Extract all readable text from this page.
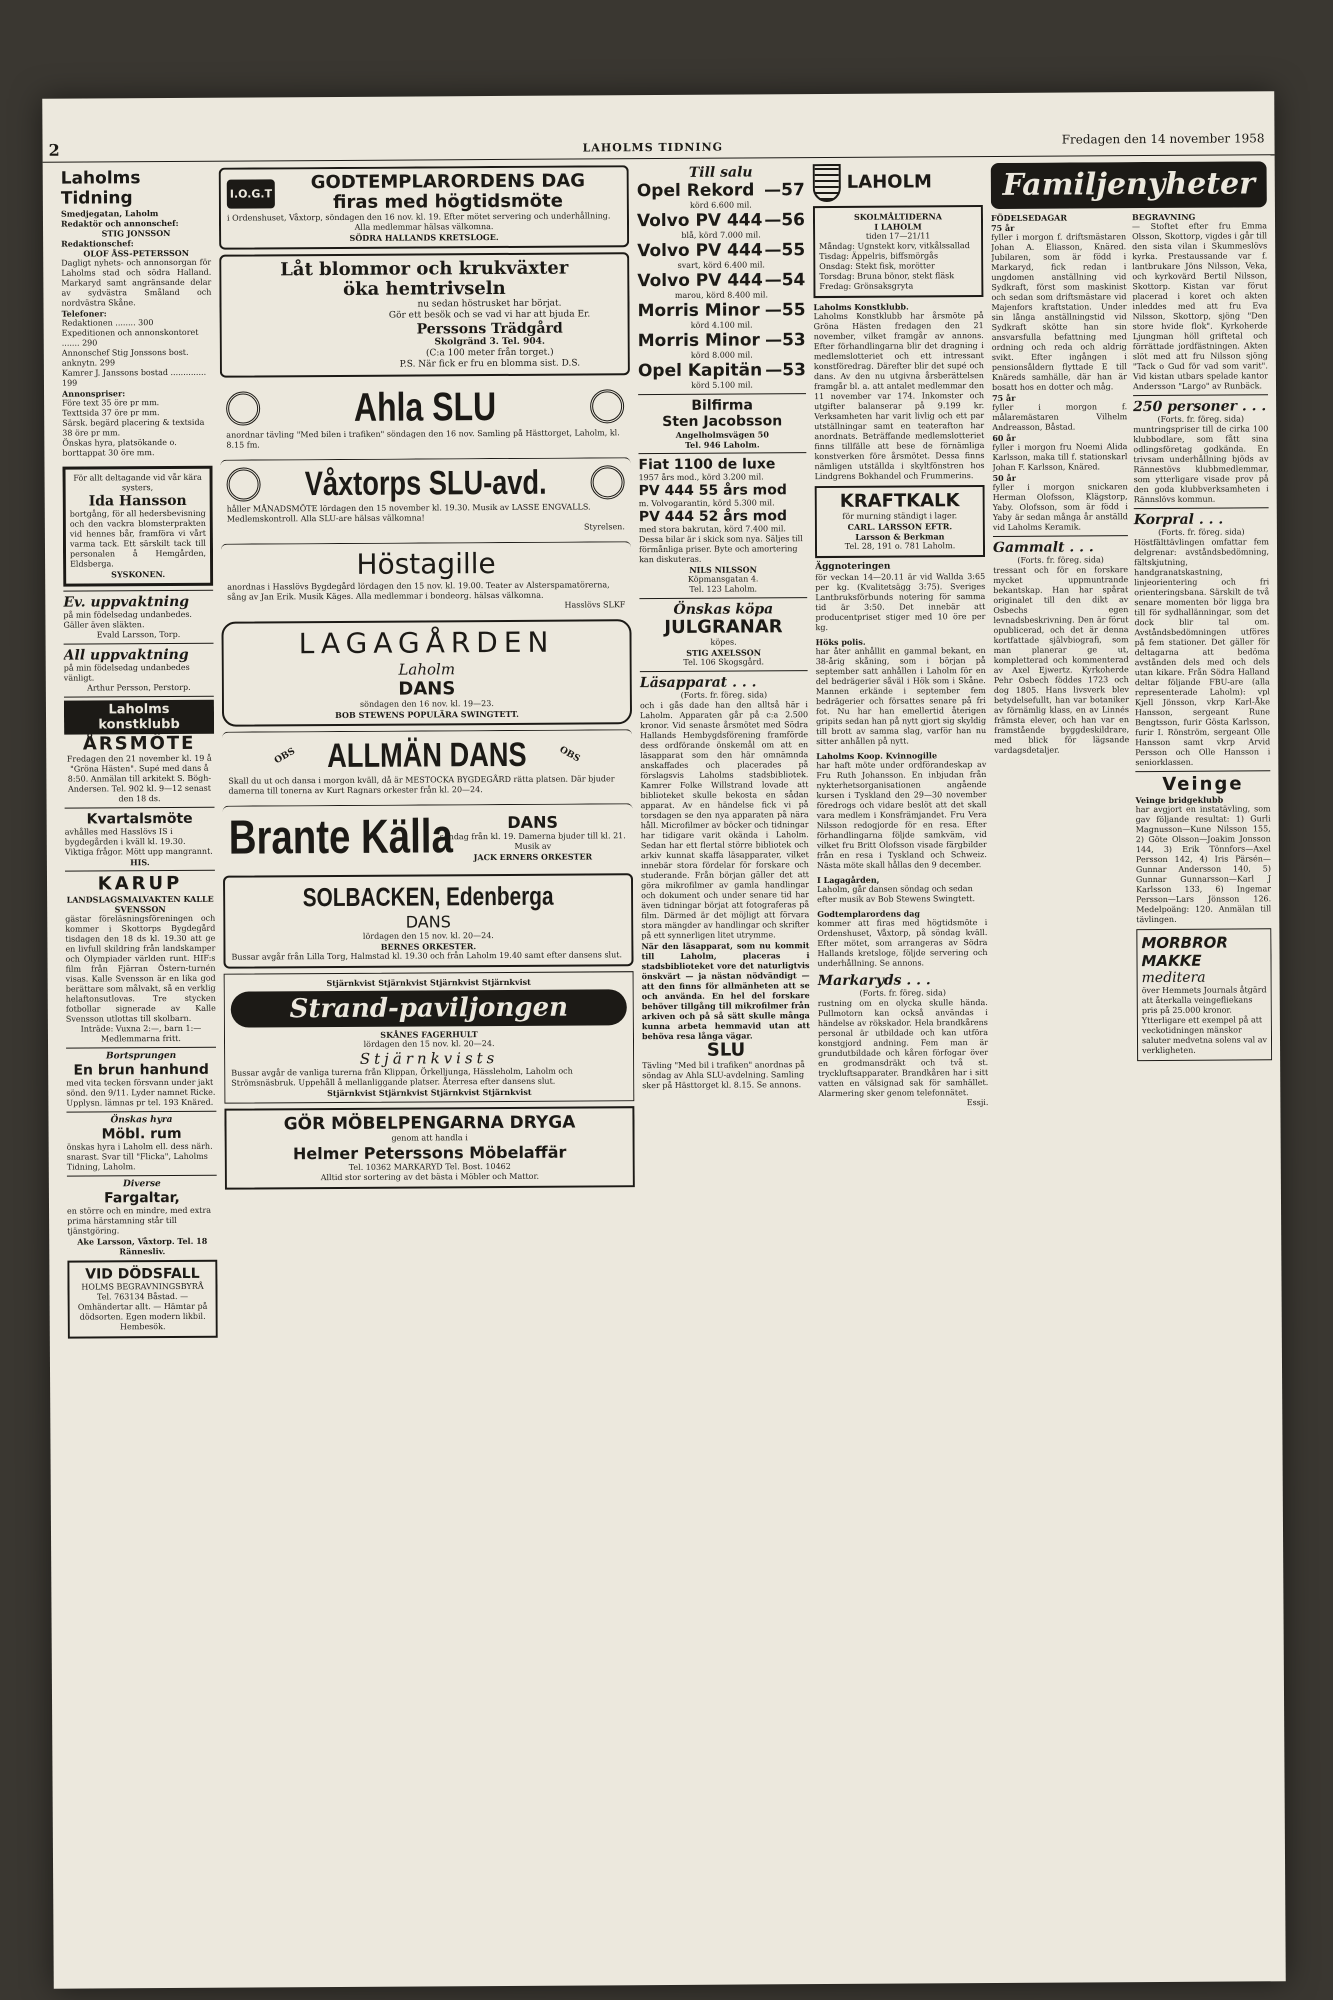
2	LAHOLMS TIDNING
Fredagen den 14 november 1958
Laholms Tidning
Smedjegatan, Laholm
Redaktör och annonschef:
STIG JONSSON
Redaktionschef:
OLOF ÅSS-PETERSSON
Dagligt nyhets- och annonsorgan för Laholms stad och södra Halland. Markaryd samt angränsande delar av sydvästra Småland och nordvästra Skåne.
Telefoner:
Redaktionen ........ 300
Expeditionen och annonskontoret ....... 290
Annonschef Stig Jonssons bost. anknytn. 299
Kamrer J. Janssons bostad .............. 199
Annonspriser:
Före text 35 öre pr mm.
Texttsida 37 öre pr mm.
Särsk. begärd placering & textsida 38 öre pr mm.
Önskas hyra, platsökande o. borttappat 30 öre mm.
För allt deltagande vid vår kära systers,
Ida Hansson
bortgång, för all hedersbevisning och den vackra blomsterprakten vid hennes bår, framföra vi vårt varma tack. Ett särskilt tack till personalen å Hemgården, Eldsberga.
SYSKONEN.
Ev. uppvaktning
på min födelsedag undanbedes. Gäller även släkten.
Evald Larsson, Torp.
All uppvaktning
på min födelsedag undanbedes vänligt.
Arthur Persson, Perstorp.
Laholms konstklubb
ÅRSMÖTE
Fredagen den 21 november kl. 19 å "Gröna Hästen". Supé med dans å 8:50. Anmälan till arkitekt S. Bögh-Andersen. Tel. 902 kl. 9—12 senast den 18 ds.
Kvartalsmöte
avhålles med Hasslövs IS i bygdegården i kväll kl. 19.30. Viktiga frågor. Mött upp mangrannt.
HIS.
KARUP
LANDSLAGSMALVAKTEN KALLE SVENSSON
gästar föreläsningsföreningen och kommer i Skottorps Bygdegård tisdagen den 18 ds kl. 19.30 att ge en livfull skildring från landskamper och Olympiader världen runt. HIF:s film från Fjärran Östern-turnén visas. Kalle Svensson är en lika god berättare som målvakt, så en verklig helaftonsutlovas. Tre stycken fotbollar signerade av Kalle Svensson utlottas till skolbarn.
Inträde: Vuxna 2:—, barn 1:—
Medlemmarna fritt.
Bortsprungen
En brun hanhund
med vita tecken försvann under jakt sönd. den 9/11. Lyder namnet Ricke. Upplysn. lämnas pr tel. 193 Knäred.
Önskas hyra
Möbl. rum
önskas hyra i Laholm ell. dess närh. snarast. Svar till "Flicka", Laholms Tidning, Laholm.
Diverse
Fargaltar,
en större och en mindre, med extra prima härstamning står till tjänstgöring.
Ake Larsson, Våxtorp. Tel. 18 Rännesliv.
VID DÖDSFALL
HOLMS BEGRAVNINGSBYRÅ Tel. 763134 Båstad. — Omhändertar allt. — Hämtar på dödsorten. Egen modern likbil. Hembesök.
I.O.G.T
GODTEMPLARORDENS DAG
firas med högtidsmöte
i Ordenshuset, Våxtorp, söndagen den 16 nov. kl. 19. Efter mötet servering och underhållning.
Alla medlemmar hälsas välkomna.
SÖDRA HALLANDS KRETSLOGE.
Låt blommor och krukväxter
öka hemtrivseln
nu sedan höstrusket har börjat.
Gör ett besök och se vad vi har att bjuda Er.
Perssons Trädgård
Skolgränd 3. Tel. 904.
(C:a 100 meter från torget.)
P.S. När fick er fru en blomma sist. D.S.
Ahla SLU
anordnar tävling "Med bilen i trafiken" söndagen den 16 nov. Samling på Hästtorget, Laholm, kl. 8.15 fm.
Våxtorps SLU-avd.
håller MÅNADSMÖTE lördagen den 15 november kl. 19.30. Musik av LASSE ENGVALLS. Medlemskontroll. Alla SLU-are hälsas välkomna!
Styrelsen.
Höstagille
anordnas i Hasslövs Bygdegård lördagen den 15 nov. kl. 19.00. Teater av Alsterspamatörerna, sång av Jan Erik. Musik Käges. Alla medlemmar i bondeorg. hälsas välkomna.
Hasslövs SLKF
LAGAGÅRDEN
Laholm
DANS
söndagen den 16 nov. kl. 19—23.
BOB STEWENS POPULÄRA SWINGTETT.
OBS ALLMÄN DANS	OBS
Skall du ut och dansa i morgon kväll, då är MESTOCKA BYGDEGÅRD rätta platsen. Där bjuder damerna till tonerna av Kurt Ragnars orkester från kl. 20—24.
Brante Källa	DANS
söndag från kl. 19. Damerna bjuder till kl. 21. Musik av
JACK ERNERS ORKESTER
SOLBACKEN, Edenberga
DANS
lördagen den 15 nov. kl. 20—24.
BERNES ORKESTER.
Bussar avgår från Lilla Torg, Halmstad kl. 19.30 och från Laholm 19.40 samt efter dansens slut.
Stjärnkvist Stjärnkvist Stjärnkvist Stjärnkvist
Strand-paviljongen
SKÅNES FAGERHULT
lördagen den 15 nov. kl. 20—24.
Stjärnkvists
Bussar avgår de vanliga turerna från Klippan, Örkelljunga, Hässleholm, Laholm och Strömsnäsbruk. Uppehåll å mellanliggande platser. Återresa efter dansens slut.
Stjärnkvist Stjärnkvist Stjärnkvist Stjärnkvist
GÖR MÖBELPENGARNA DRYGA
genom att handla i
Helmer Peterssons Möbelaffär
Tel. 10362 MARKARYD Tel. Bost. 10462
Alltid stor sortering av det bästa i Möbler och Mattor.
Till salu
Opel Rekord —57
körd 6.600 mil.
Volvo PV 444 —56
blå, körd 7.000 mil.
Volvo PV 444 —55
svart, körd 6.400 mil.
Volvo PV 444 —54
marou, körd 8.400 mil.
Morris Minor —55
körd 4.100 mil.
Morris Minor —53
körd 8.000 mil.
Opel Kapitän —53
körd 5.100 mil.
Bilfirma
Sten Jacobsson
Angelholmsvägen 50
Tel. 946 Laholm.
Fiat 1100 de luxe
1957 års mod., körd 3.200 mil.
PV 444 55 års mod
m. Volvogarantin, körd 5.300 mil.
PV 444 52 års mod
med stora bakrutan, körd 7.400 mil.
Dessa bilar är i skick som nya. Säljes till förmånliga priser. Byte och amortering kan diskuteras.
NILS NILSSON
Köpmansgatan 4.
Tel. 123 Laholm.
Önskas köpa
JULGRANAR
köpes.
STIG AXELSSON
Tel. 106 Skogsgård.
Läsapparat . . .
(Forts. fr. föreg. sida)
och i gås dade han den alltså här i Laholm. Apparaten går på c:a 2.500 kronor. Vid senaste årsmötet med Södra Hallands Hembygdsförening framförde dess ordförande önskemål om att en läsapparat som den här omnämnda anskaffades och placerades på förslagsvis Laholms stadsbibliotek. Kamrer Folke Willstrand lovade att biblioteket skulle bekosta en sådan apparat. Av en händelse fick vi på torsdagen se den nya apparaten på nära håll. Microfilmer av böcker och tidningar har tidigare varit okända i Laholm. Sedan har ett flertal större bibliotek och arkiv kunnat skaffa läsapparater, vilket innebär stora fördelar för forskare och studerande. Från början gäller det att göra mikrofilmer av gamla handlingar och dokument och under senare tid har även tidningar börjat att fotograferas på film. Därmed är det möjligt att förvara stora mängder av handlingar och skrifter på ett synnerligen litet utrymme.
När den läsapparat, som nu kommit till Laholm, placeras i stadsbiblioteket vore det naturligtvis önskvärt — ja nästan nödvändigt — att den finns för allmänheten att se och använda. En hel del forskare behöver tillgång till mikrofilmer från arkiven och på så sätt skulle många kunna arbeta hemmavid utan att behöva resa långa vägar.
SLU
Tävling "Med bil i trafiken" anordnas på söndag av Ahla SLU-avdelning. Samling sker på Hästtorget kl. 8.15. Se annons.
LAHOLM
SKOLMÅLTIDERNA
I LAHOLM
tiden 17—21/11
Måndag: Ugnstekt korv, vitkålssallad
Tisdag: Äppelris, biffsmörgås
Onsdag: Stekt fisk, morötter
Torsdag: Bruna bönor, stekt fläsk
Fredag: Grönsaksgryta
Laholms Konstklubb.
Laholms Konstklubb har årsmöte på Gröna Hästen fredagen den 21 november, vilket framgår av annons. Efter förhandlingarna blir det dragning i medlemslotteriet och ett intressant konstföredrag. Därefter blir det supé och dans. Av den nu utgivna årsberättelsen framgår bl. a. att antalet medlemmar den 11 november var 174. Inkomster och utgifter balanserar på 9.199 kr. Verksamheten har varit livlig och ett par utställningar samt en teaterafton har anordnats. Beträffande medlemslotteriet finns tillfälle att bese de förnämliga konstverken före årsmötet. Dessa finns nämligen utställda i skyltfönstren hos Lindgrens Bokhandel och Frummerins.
KRAFTKALK
för murning ständigt i lager.
CARL. LARSSON EFTR.
Larsson & Berkman
Tel. 28, 191 o. 781 Laholm.
Äggnoteringen
för veckan 14—20.11 är vid Wallda 3:65 per kg. (Kvalitetsägg 3:75). Sveriges Lantbruksförbunds notering för samma tid är 3:50. Det innebär att producentpriset stiger med 10 öre per kg.
Höks polis.
har åter anhållit en gammal bekant, en 38-årig skåning, som i början på september satt anhållen i Laholm för en del bedrägerier såväl i Hök som i Skåne. Mannen erkände i september fem bedrägerier och försattes senare på fri fot. Nu har han emellertid återigen gripits sedan han på nytt gjort sig skyldig till brott av samma slag, varför han nu sitter anhållen på nytt.
Laholms Koop. Kvinnogille
har haft möte under ordförandeskap av Fru Ruth Johansson. En inbjudan från nykterhetsorganisationen angående kursen i Tyskland den 29—30 november föredrogs och vidare beslöt att det skall vara medlem i Konsfrämjandet. Fru Vera Nilsson redogjorde för en resa. Efter förhandlingarna följde samkväm, vid vilket fru Britt Olofsson visade färgbilder från en resa i Tyskland och Schweiz. Nästa möte skall hållas den 9 december.
I Lagagården,
Laholm, går dansen söndag och sedan efter musik av Bob Stewens Swingtett.
Godtemplarordens dag
kommer att firas med högtidsmöte i Ordenshuset, Våxtorp, på söndag kväll. Efter mötet, som arrangeras av Södra Hallands kretsloge, följde servering och underhållning. Se annons.
Markaryds . . .
(Forts. fr. föreg. sida)
rustning om en olycka skulle hända. Pullmotorn kan också användas i händelse av rökskador. Hela brandkårens personal är utbildade och kan utföra konstgjord andning. Fem man är grundutbildade och kåren förfogar över en grodmansdräkt och två st. tryckluftsapparater. Brandkåren har i sitt vatten en välsignad sak för samhället. Alarmering sker genom telefonnätet.
Essji.
Familjenyheter
FÖDELSEDAGAR
75 år
fyller i morgon f. driftsmästaren Johan A. Eliasson, Knäred. Jubilaren, som är född i Markaryd, fick redan i ungdomen anställning vid Sydkraft, först som maskinist och sedan som driftsmästare vid Majenfors kraftstation. Under sin långa anställningstid vid Sydkraft skötte han sin ansvarsfulla befattning med ordning och reda och aldrig svikt. Efter ingången i pensionsåldern flyttade E till Knäreds samhälle, där han är bosatt hos en dotter och måg.
75 år
fyller i morgon f. målaremästaren Vilhelm Andreasson, Båstad.
60 år
fyller i morgon fru Noemi Alida Karlsson, maka till f. stationskarl Johan F. Karlsson, Knäred.
50 år
fyller i morgon snickaren Herman Olofsson, Klägstorp, Yaby. Olofsson, som är född i Yaby är sedan många år anställd vid Laholms Keramik.
Gammalt . . .
(Forts. fr. föreg. sida)
tressant och för en forskare mycket uppmuntrande bekantskap. Han har spårat originalet till den dikt av Osbechs egen levnadsbeskrivning. Den är förut opublicerad, och det är denna kortfattade självbiografi, som man planerar ge ut, kompletterad och kommenterad av Axel Ejwertz. Kyrkoherde Pehr Osbech föddes 1723 och dog 1805. Hans livsverk blev betydelsefullt, han var botaniker av förnämlig klass, en av Linnés främsta elever, och han var en framstående byggdeskildrare, med blick för lägsande vardagsdetaljer.
BEGRAVNING
— Stoftet efter fru Emma Olsson, Skottorp, vigdes i går till den sista vilan i Skummeslövs kyrka. Prestaussande var f. lantbrukare Jöns Nilsson, Veka, och kyrkovärd Bertil Nilsson, Skottorp. Kistan var förut placerad i koret och akten inleddes med att fru Eva Nilsson, Skottorp, sjöng "Den store hvide flok". Kyrkoherde Ljungman höll griftetal och förrättade jordfästningen. Akten slöt med att fru Nilsson sjöng "Tack o Gud för vad som varit". Vid kistan utbars spelade kantor Andersson "Largo" av Runbäck.
250 personer . . .
(Forts. fr. föreg. sida)
muntringspriser till de cirka 100 klubbodlare, som fått sina odlingsföretag godkända. En trivsam underhållning bjöds av Rännestövs klubbmedlemmar, som ytterligare visade prov på den goda klubbverksamheten i Rännslövs kommun.
Korpral . . .
(Forts. fr. föreg. sida)
Höstfälttävlingen omfattar fem delgrenar: avståndsbedömning, fältskjutning, handgranatskastning, linjeorientering och fri orienteringsbana. Särskilt de två senare momenten bör ligga bra till för sydhallänningar, som det dock blir tal om. Avståndsbedömningen utföres på fem stationer. Det gäller för deltagarna att bedöma avstånden dels med och dels utan kikare. Från Södra Halland deltar följande FBU-are (alla representerade Laholm): vpl Kjell Jönsson, vkrp Karl-Åke Hansson, sergeant Rune Bengtsson, furir Gösta Karlsson, furir I. Rönström, sergeant Olle Hansson samt vkrp Arvid Persson och Olle Hansson i seniorklassen.
Veinge
Veinge bridgeklubb
har avgjort en instatävling, som gav följande resultat: 1) Gurli Magnusson—Kune Nilsson 155, 2) Göte Olsson—Joakim Jonsson 144, 3) Erik Tönnfors—Axel Persson 142, 4) Iris Pärsén—Gunnar Andersson 140, 5) Gunnar Gunnarsson—Karl J Karlsson 133, 6) Ingemar Persson—Lars Jönsson 126. Medelpoäng: 120. Anmälan till tävlingen.
MORBROR
MAKKE
meditera
över Hemmets Journals åtgärd att återkalla veingefliekans pris på 25.000 kronor. Ytterligare ett exempel på att veckotidningen mänskor saluter medvetna solens val av verkligheten.
